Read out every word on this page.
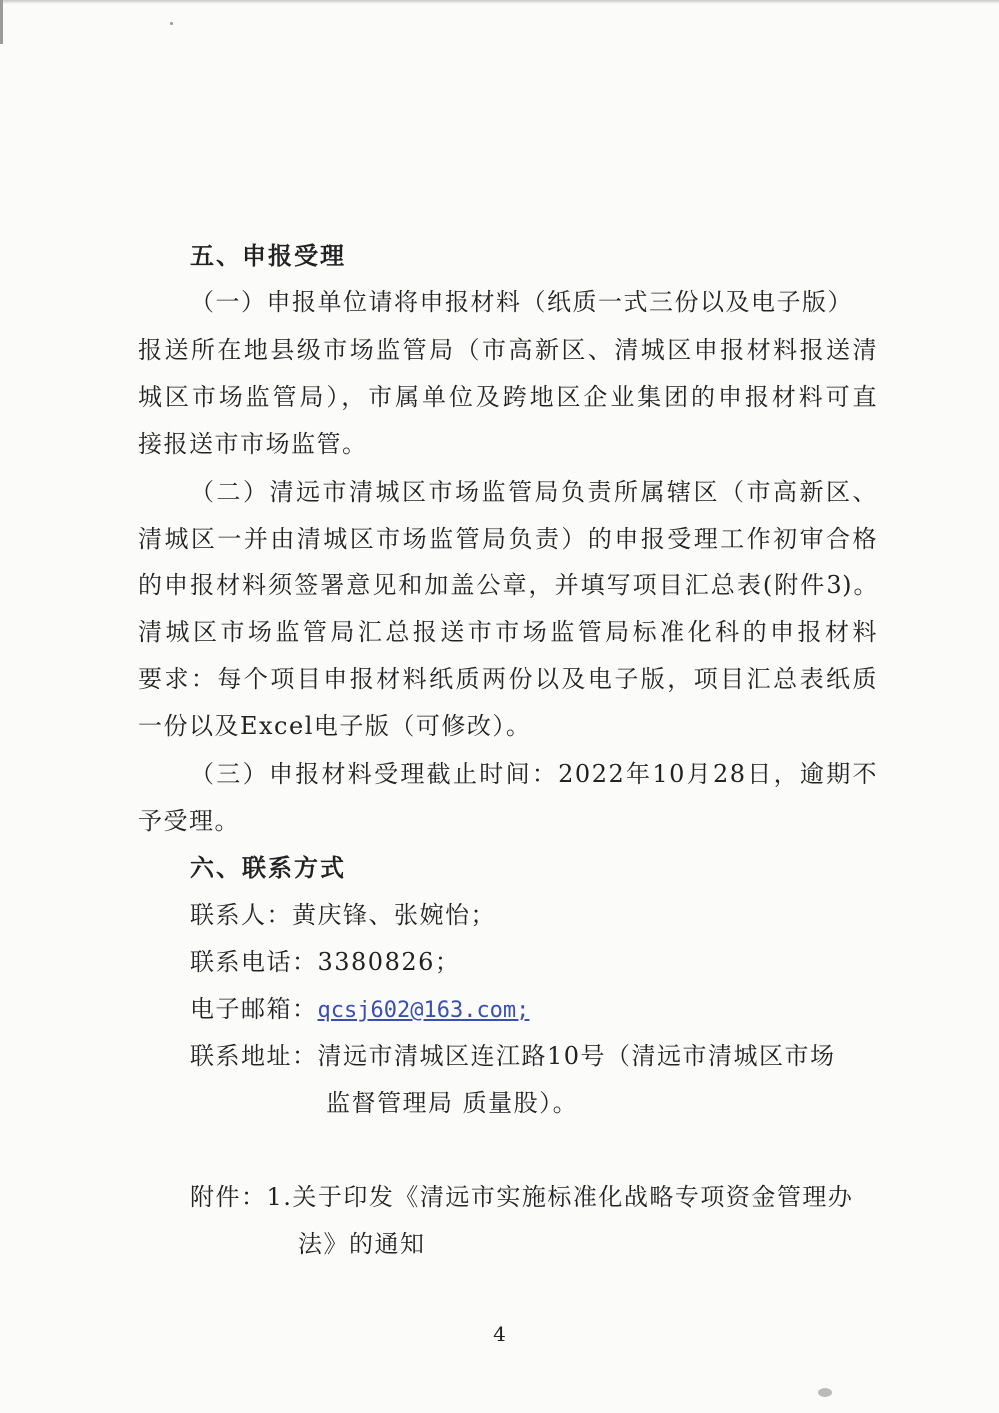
五、申报受理
（一）申报单位请将申报材料（纸质一式三份以及电子版）
报送所在地县级市场监管局（市高新区、清城区申报材料报送清
城区市场监管局），市属单位及跨地区企业集团的申报材料可直
接报送市市场监管。
（二）清远市清城区市场监管局负责所属辖区（市高新区、
清城区一并由清城区市场监管局负责）的申报受理工作初审合格
的申报材料须签署意见和加盖公章，并填写项目汇总表(附件3)。
清城区市场监管局汇总报送市市场监管局标准化科的申报材料
要求：每个项目申报材料纸质两份以及电子版，项目汇总表纸质
一份以及Excel电子版（可修改）。
（三）申报材料受理截止时间：2022年10月28日，逾期不
予受理。
六、联系方式
联系人：黄庆锋、张婉怡；
联系电话：3380826；
电子邮箱：qcsj602@163.com;
联系地址：清远市清城区连江路10号（清远市清城区市场
监督管理局 质量股）。
附件：1.关于印发《清远市实施标准化战略专项资金管理办
法》的通知
4
